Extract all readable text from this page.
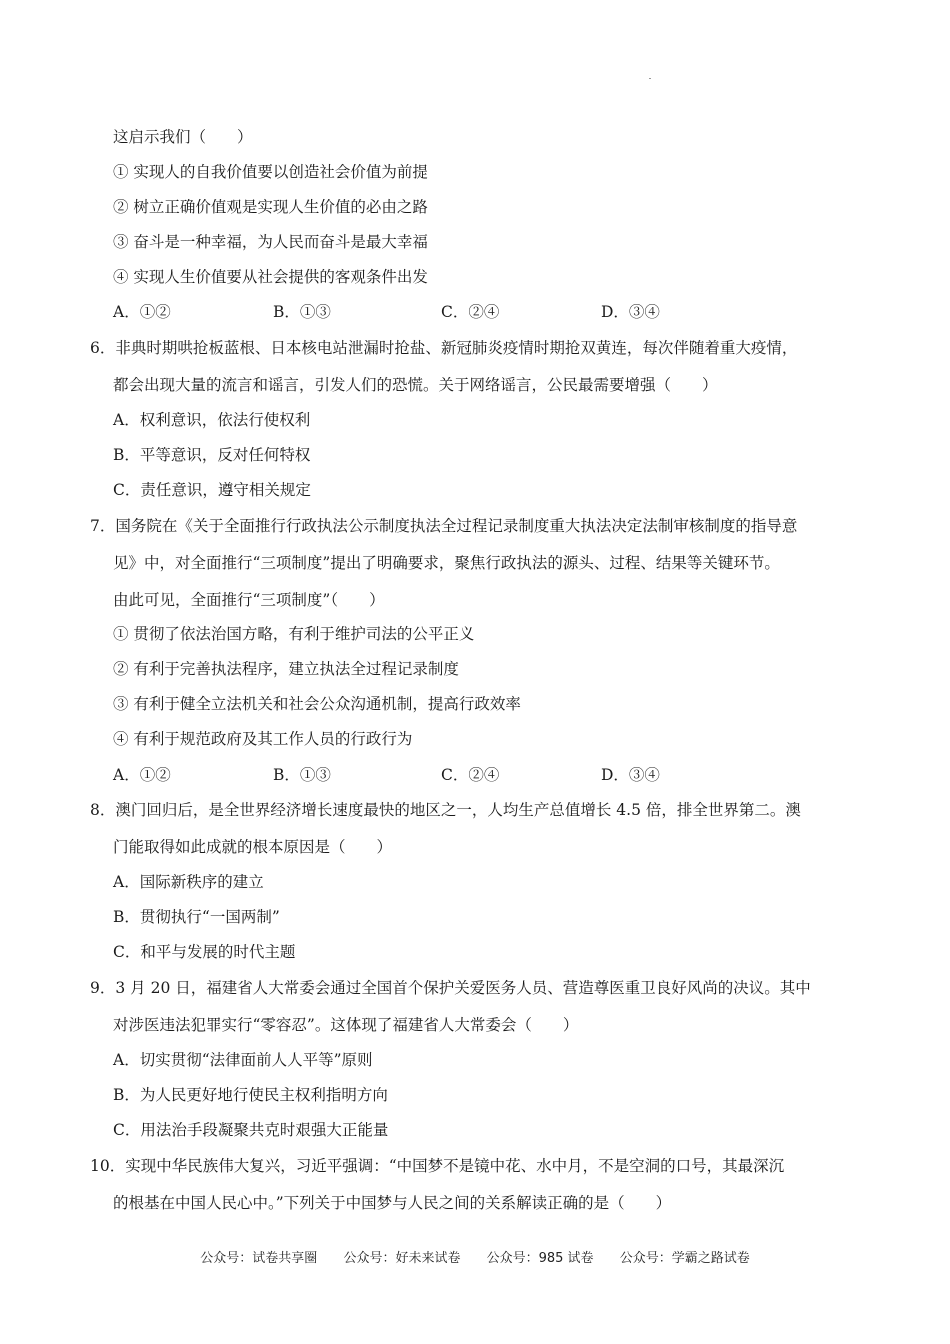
这启示我们（　　）
① 实现人的自我价值要以创造社会价值为前提
② 树立正确价值观是实现人生价值的必由之路
③ 奋斗是一种幸福，为人民而奋斗是最大幸福
④ 实现人生价值要从社会提供的客观条件出发
A．①②	B．①③	C．②④	D．③④
6．非典时期哄抢板蓝根、日本核电站泄漏时抢盐、新冠肺炎疫情时期抢双黄连，每次伴随着重大疫情，
都会出现大量的流言和谣言，引发人们的恐慌。关于网络谣言，公民最需要增强（　　）
A．权利意识，依法行使权利
B．平等意识，反对任何特权
C．责任意识，遵守相关规定
7．国务院在《关于全面推行行政执法公示制度执法全过程记录制度重大执法决定法制审核制度的指导意
见》中，对全面推行“三项制度”提出了明确要求，聚焦行政执法的源头、过程、结果等关键环节。
由此可见，全面推行“三项制度”（　　）
① 贯彻了依法治国方略，有利于维护司法的公平正义
② 有利于完善执法程序，建立执法全过程记录制度
③ 有利于健全立法机关和社会公众沟通机制，提高行政效率
④ 有利于规范政府及其工作人员的行政行为
A．①②	B．①③	C．②④	D．③④
8．澳门回归后，是全世界经济增长速度最快的地区之一，人均生产总值增长 4.5 倍，排全世界第二。澳
门能取得如此成就的根本原因是（　　）
A．国际新秩序的建立
B．贯彻执行“一国两制”
C．和平与发展的时代主题
9．3 月 20 日，福建省人大常委会通过全国首个保护关爱医务人员、营造尊医重卫良好风尚的决议。其中
对涉医违法犯罪实行“零容忍”。这体现了福建省人大常委会（　　）
A．切实贯彻“法律面前人人平等”原则
B．为人民更好地行使民主权利指明方向
C．用法治手段凝聚共克时艰强大正能量
10．实现中华民族伟大复兴，习近平强调：“中国梦不是镜中花、水中月，不是空洞的口号，其最深沉
的根基在中国人民心中。”下列关于中国梦与人民之间的关系解读正确的是（　　）
公众号：试卷共享圈 公众号：好未来试卷 公众号：985 试卷 公众号：学霸之路试卷
